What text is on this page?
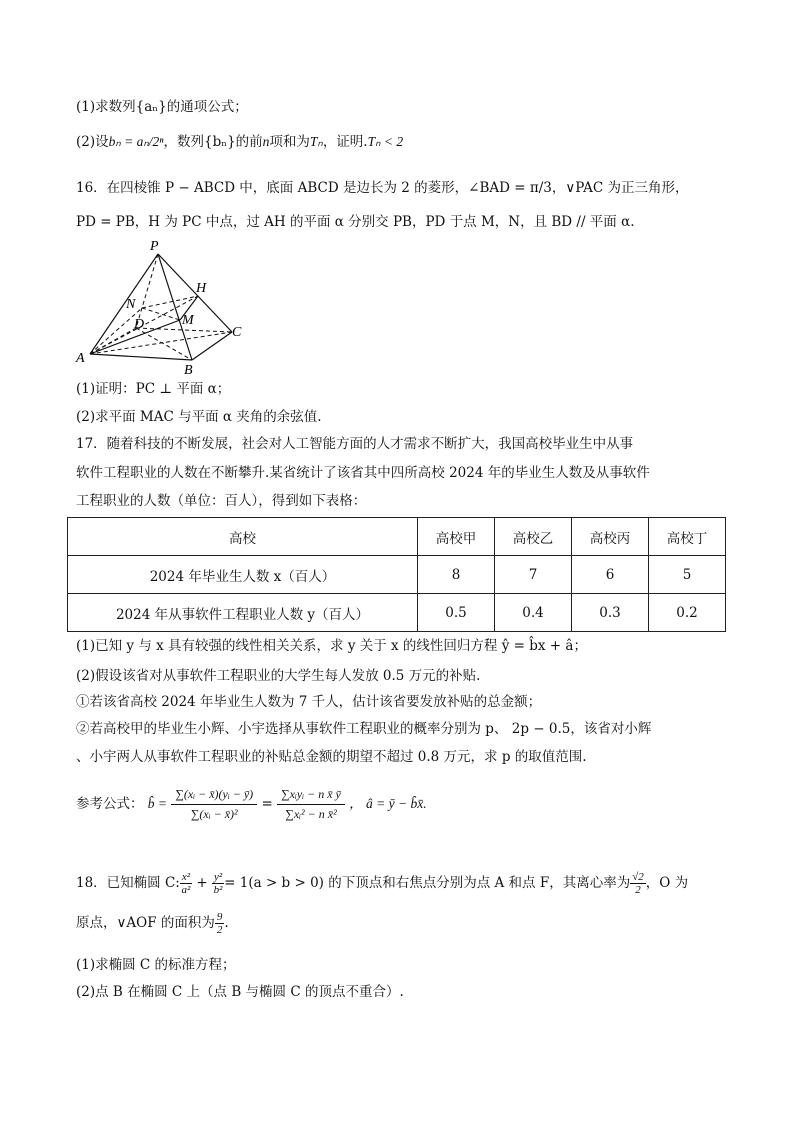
(1)求数列{aₙ}的通项公式；
(2)设bₙ = aₙ/2ⁿ，数列{bₙ}的前n项和为Tₙ，证明.Tₙ < 2
16．在四棱锥 P − ABCD 中，底面 ABCD 是边长为 2 的菱形，∠BAD = π/3，∨PAC 为正三角形，
PD = PB，H 为 PC 中点，过 AH 的平面 α 分别交 PB，PD 于点 M，N，且 BD // 平面 α.
P
H
N
D	M
C
A
B
(1)证明：PC ⊥ 平面 α；
(2)求平面 MAC 与平面 α 夹角的余弦值.
17．随着科技的不断发展，社会对人工智能方面的人才需求不断扩大，我国高校毕业生中从事
软件工程职业的人数在不断攀升.某省统计了该省其中四所高校 2024 年的毕业生人数及从事软件
工程职业的人数（单位：百人），得到如下表格：
高校	高校甲	高校乙	高校丙	高校丁
2024 年毕业生人数 x（百人）	8	7	6	5
2024 年从事软件工程职业人数 y（百人）	0.5	0.4	0.3	0.2
(1)已知 y 与 x 具有较强的线性相关关系，求 y 关于 x 的线性回归方程 ŷ = b̂x + â；
(2)假设该省对从事软件工程职业的大学生每人发放 0.5 万元的补贴.
①若该省高校 2024 年毕业生人数为 7 千人，估计该省要发放补贴的总金额；
②若高校甲的毕业生小辉、小宇选择从事软件工程职业的概率分别为 p、 2p − 0.5，该省对小辉
、小宇两人从事软件工程职业的补贴总金额的期望不超过 0.8 万元，求 p 的取值范围.
参考公式： b̂ = $\frac{\text{∑(xᵢ − x̄)(yᵢ − ȳ)}}{\text{∑(xᵢ − x̄)²}} = \frac{\text{∑xᵢyᵢ − n x̄ ȳ}}{\text{∑xᵢ² − n x̄²}}$ ， â = ȳ − b̂x̄.
18．已知椭圆 C: $\frac{\text{x²}}{\text{a²}} + \frac{\text{y²}}{\text{b²}} = 1(a > b > 0)$ 的下顶点和右焦点分别为点 A 和点 F，其离心率为 $\frac{√2}{2}$ ，O 为
原点，∨AOF 的面积为 $\frac{9}{2}$ .
(1)求椭圆 C 的标准方程；
(2)点 B 在椭圆 C 上（点 B 与椭圆 C 的顶点不重合）.
